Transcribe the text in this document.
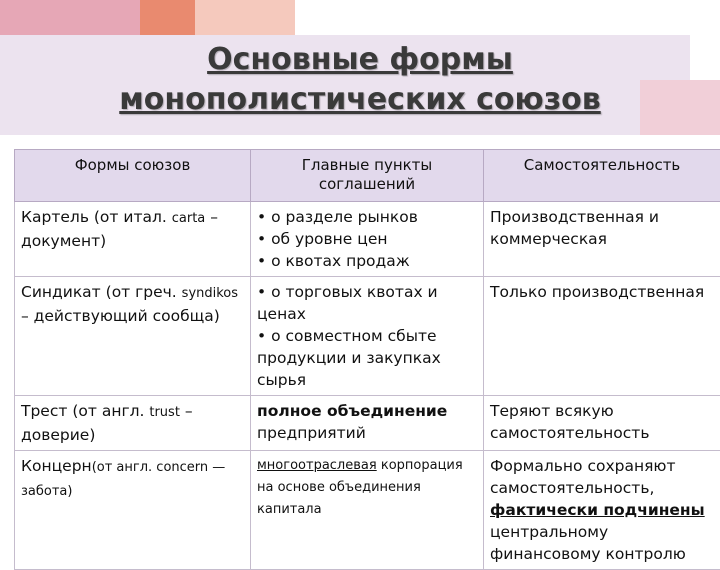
Основные формы
монополистических союзов
Формы союзов	Главные пункты соглашений	Самостоятельность
Картель (от итал. carta – документ)	• о разделе рынков
• об уровне цен
• о квотах продаж	Производственная и коммерческая
Синдикат (от греч. syndikos – действующий сообща)	• о торговых квотах и ценах
• о совместном сбыте продукции и закупках сырья	Только производственная
Трест (от англ. trust – доверие)	полное объединение предприятий	Теряют всякую самостоятельность
Концерн(от англ. concern — забота)	многоотраслевая корпорация на основе объединения капитала	Формально сохраняют самостоятельность, фактически подчинены центральному финансовому контролю
